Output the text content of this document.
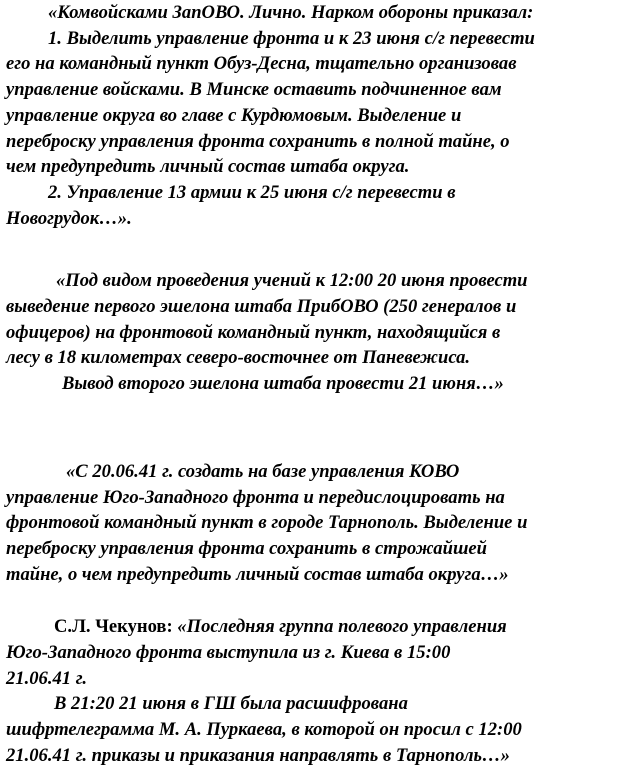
«Комвойсками ЗапОВО. Лично. Нарком обороны приказал:
1. Выделить управление фронта и к 23 июня с/г перевести
его на командный пункт Обуз-Десна, тщательно организовав
управление войсками. В Минске оставить подчиненное вам
управление округа во главе с Курдюмовым. Выделение и
переброску управления фронта сохранить в полной тайне, о
чем предупредить личный состав штаба округа.
2. Управление 13 армии к 25 июня с/г перевести в
Новогрудок…».
«Под видом проведения учений к 12:00 20 июня провести
выведение первого эшелона штаба ПрибОВО (250 генералов и
офицеров) на фронтовой командный пункт, находящийся в
лесу в 18 километрах северо-восточнее от Паневежиса.
Вывод второго эшелона штаба провести 21 июня…»
«С 20.06.41 г. создать на базе управления КОВО
управление Юго-Западного фронта и передислоцировать на
фронтовой командный пункт в городе Тарнополь. Выделение и
переброску управления фронта сохранить в строжайшей
тайне, о чем предупредить личный состав штаба округа…»
С.Л. Чекунов: «Последняя группа полевого управления
Юго-Западного фронта выступила из г. Киева в 15:00
21.06.41 г.
В 21:20 21 июня в ГШ была расшифрована
шифртелеграмма М. А. Пуркаева, в которой он просил с 12:00
21.06.41 г. приказы и приказания направлять в Тарнополь…»
